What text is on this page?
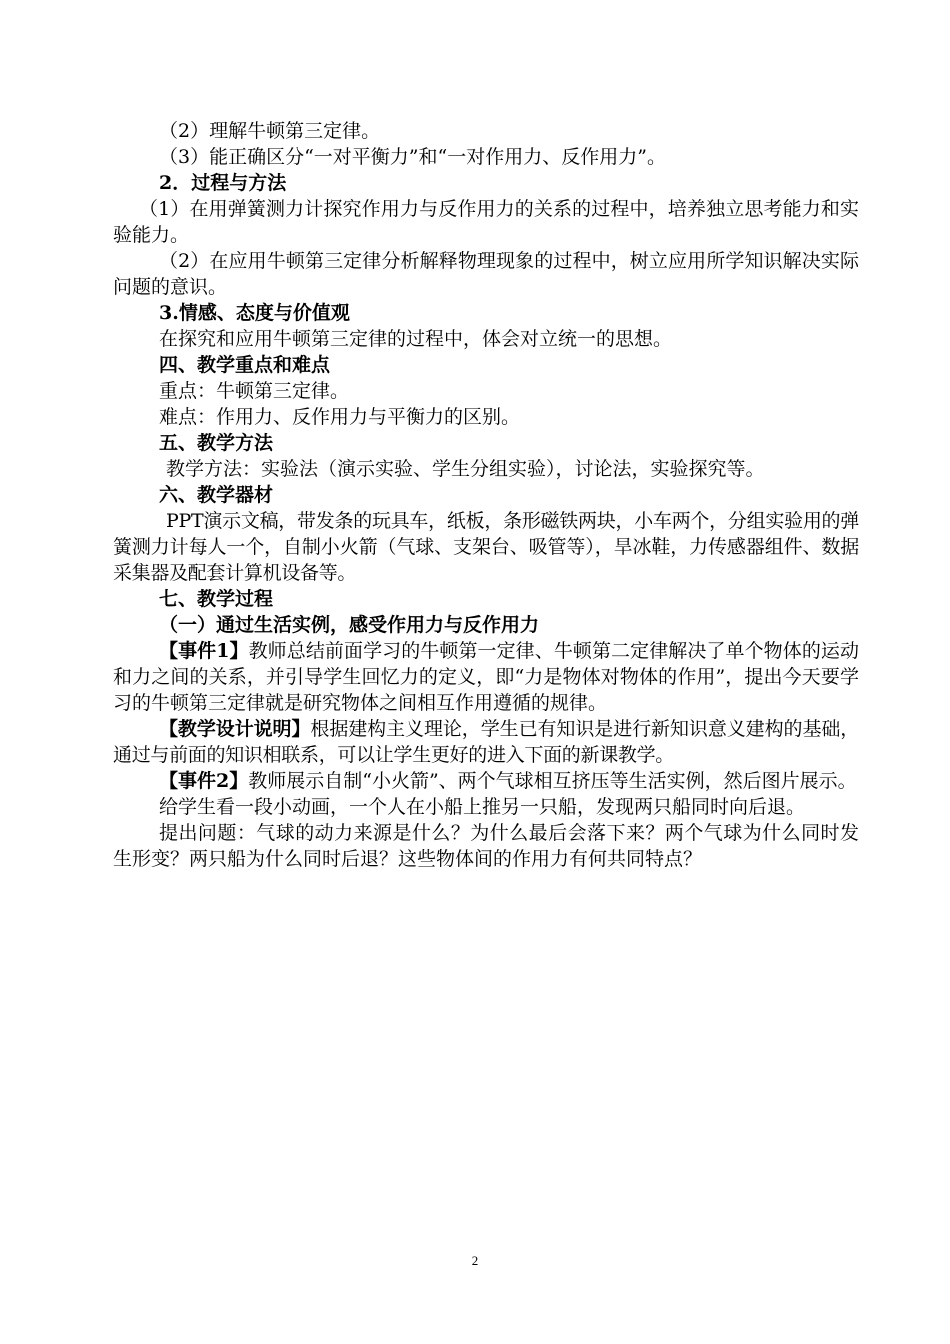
（2）理解牛顿第三定律。

（3）能正确区分“一对平衡力”和“一对作用力、反作用力”。

2．过程与方法

（1）在用弹簧测力计探究作用力与反作用力的关系的过程中，培养独立思考能力和实验能力。

（2）在应用牛顿第三定律分析解释物理现象的过程中，树立应用所学知识解决实际问题的意识。

3.情感、态度与价值观

在探究和应用牛顿第三定律的过程中，体会对立统一的思想。

四、教学重点和难点

重点：牛顿第三定律。

难点：作用力、反作用力与平衡力的区别。

五、教学方法

教学方法：实验法（演示实验、学生分组实验），讨论法，实验探究等。

六、教学器材

PPT演示文稿，带发条的玩具车，纸板，条形磁铁两块，小车两个，分组实验用的弹簧测力计每人一个，自制小火箭（气球、支架台、吸管等），旱冰鞋，力传感器组件、数据采集器及配套计算机设备等。

七、教学过程

（一）通过生活实例，感受作用力与反作用力

【事件1】教师总结前面学习的牛顿第一定律、牛顿第二定律解决了单个物体的运动和力之间的关系，并引导学生回忆力的定义，即“力是物体对物体的作用”，提出今天要学习的牛顿第三定律就是研究物体之间相互作用遵循的规律。

【教学设计说明】根据建构主义理论，学生已有知识是进行新知识意义建构的基础，通过与前面的知识相联系，可以让学生更好的进入下面的新课教学。

【事件2】教师展示自制“小火箭”、两个气球相互挤压等生活实例，然后图片展示。

给学生看一段小动画，一个人在小船上推另一只船，发现两只船同时向后退。

提出问题：气球的动力来源是什么？为什么最后会落下来？两个气球为什么同时发生形变？两只船为什么同时后退？这些物体间的作用力有何共同特点？

2
